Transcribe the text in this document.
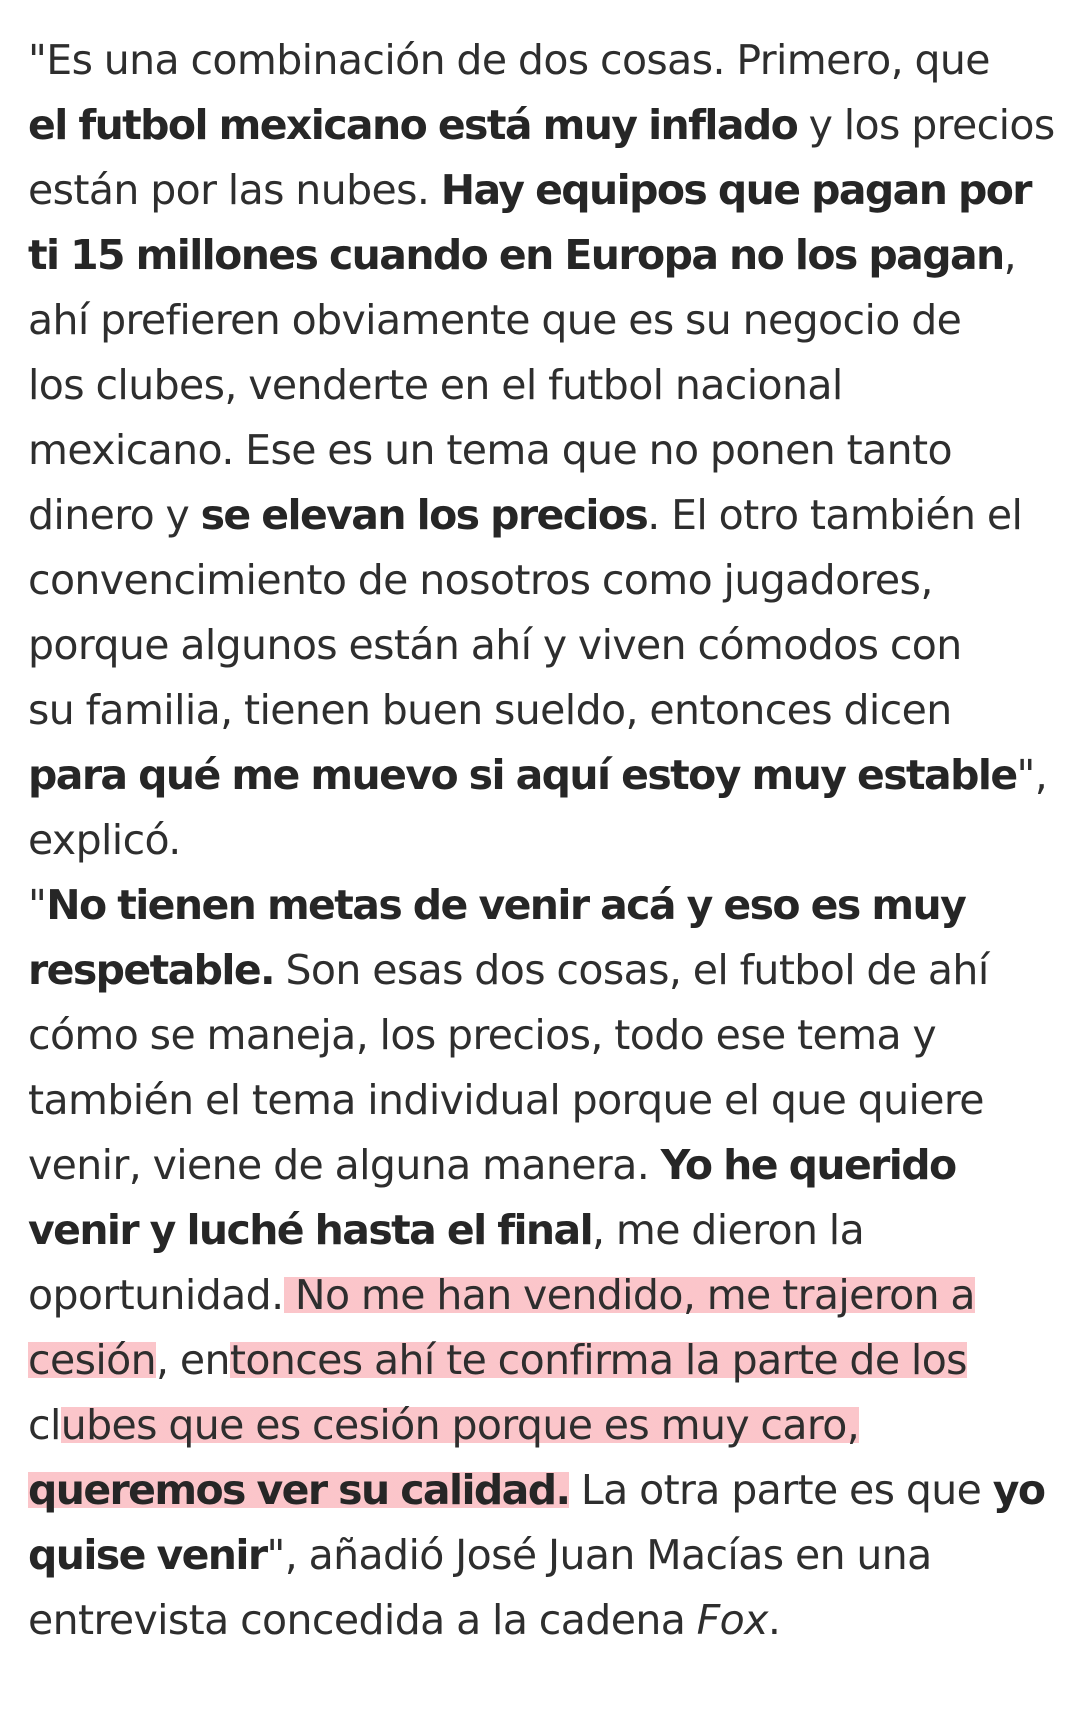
"Es una combinación de dos cosas. Primero, que
el futbol mexicano está muy inflado y los precios
están por las nubes. Hay equipos que pagan por
ti 15 millones cuando en Europa no los pagan,
ahí prefieren obviamente que es su negocio de
los clubes, venderte en el futbol nacional
mexicano. Ese es un tema que no ponen tanto
dinero y se elevan los precios. El otro también el
convencimiento de nosotros como jugadores,
porque algunos están ahí y viven cómodos con
su familia, tienen buen sueldo, entonces dicen
para qué me muevo si aquí estoy muy estable",
explicó.

"No tienen metas de venir acá y eso es muy
respetable. Son esas dos cosas, el futbol de ahí
cómo se maneja, los precios, todo ese tema y
también el tema individual porque el que quiere
venir, viene de alguna manera. Yo he querido
venir y luché hasta el final, me dieron la
oportunidad. No me han vendido, me trajeron a
cesión, entonces ahí te confirma la parte de los
clubes que es cesión porque es muy caro,
queremos ver su calidad. La otra parte es que yo
quise venir", añadió José Juan Macías en una
entrevista concedida a la cadena Fox.
